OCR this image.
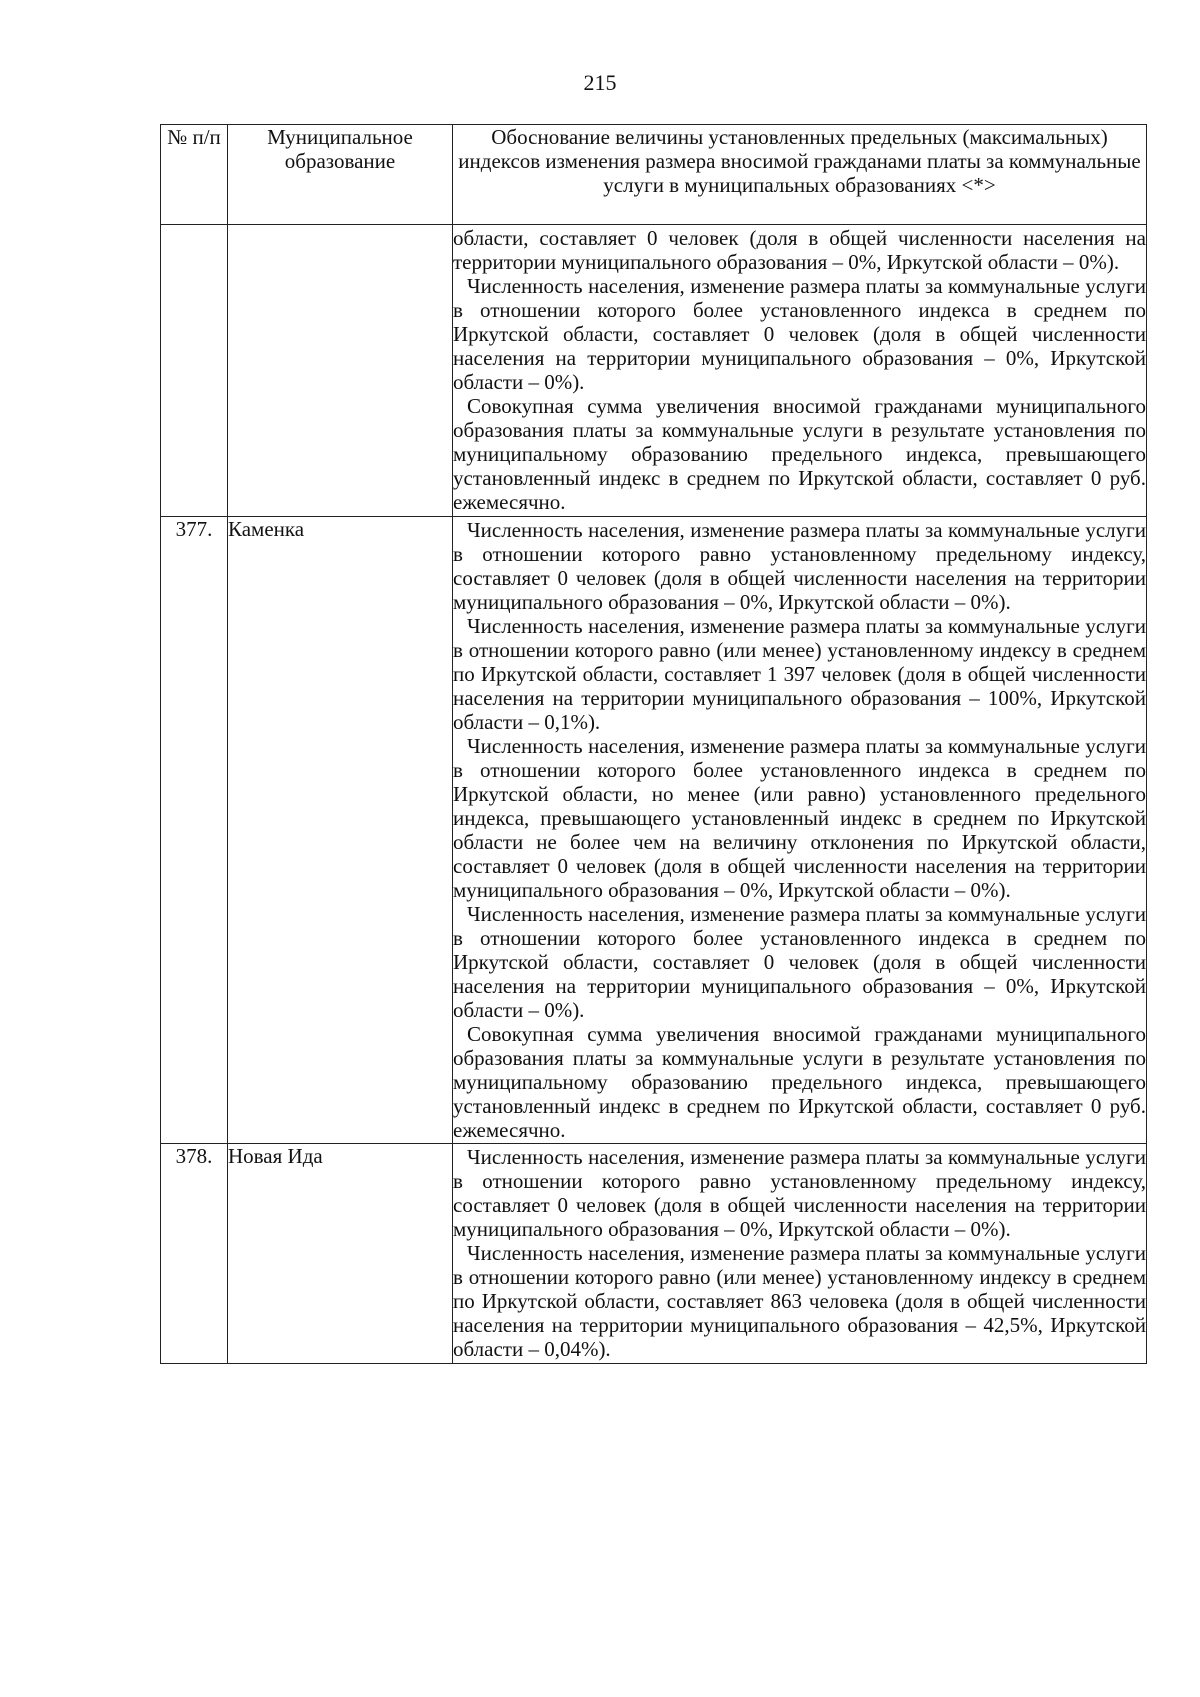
215
№ п/п	Муниципальное образование	Обоснование величины установленных предельных (максимальных) индексов изменения размера вносимой гражданами платы за коммунальные услуги в муниципальных образованиях <*>

		области, составляет 0 человек (доля в общей численности населения на территории муниципального образования – 0%, Иркутской области – 0%).

Численность населения, изменение размера платы за коммунальные услуги в отношении которого более установленного индекса в среднем по Иркутской области, составляет 0 человек (доля в общей численности населения на территории муниципального образования – 0%, Иркутской области – 0%).

Совокупная сумма увеличения вносимой гражданами муниципального образования платы за коммунальные услуги в результате установления по муниципальному образованию предельного индекса, превышающего установленный индекс в среднем по Иркутской области, составляет 0 руб. ежемесячно.

377.	Каменка	Численность населения, изменение размера платы за коммунальные услуги в отношении которого равно установленному предельному индексу, составляет 0 человек (доля в общей численности населения на территории муниципального образования – 0%, Иркутской области – 0%).

Численность населения, изменение размера платы за коммунальные услуги в отношении которого равно (или менее) установленному индексу в среднем по Иркутской области, составляет 1 397 человек (доля в общей численности населения на территории муниципального образования – 100%, Иркутской области – 0,1%).

Численность населения, изменение размера платы за коммунальные услуги в отношении которого более установленного индекса в среднем по Иркутской области, но менее (или равно) установленного предельного индекса, превышающего установленный индекс в среднем по Иркутской области не более чем на величину отклонения по Иркутской области, составляет 0 человек (доля в общей численности населения на территории муниципального образования – 0%, Иркутской области – 0%).

Численность населения, изменение размера платы за коммунальные услуги в отношении которого более установленного индекса в среднем по Иркутской области, составляет 0 человек (доля в общей численности населения на территории муниципального образования – 0%, Иркутской области – 0%).

Совокупная сумма увеличения вносимой гражданами муниципального образования платы за коммунальные услуги в результате установления по муниципальному образованию предельного индекса, превышающего установленный индекс в среднем по Иркутской области, составляет 0 руб. ежемесячно.

378.	Новая Ида	Численность населения, изменение размера платы за коммунальные услуги в отношении которого равно установленному предельному индексу, составляет 0 человек (доля в общей численности населения на территории муниципального образования – 0%, Иркутской области – 0%).

Численность населения, изменение размера платы за коммунальные услуги в отношении которого равно (или менее) установленному индексу в среднем по Иркутской области, составляет 863 человека (доля в общей численности населения на территории муниципального образования – 42,5%, Иркутской области – 0,04%).
